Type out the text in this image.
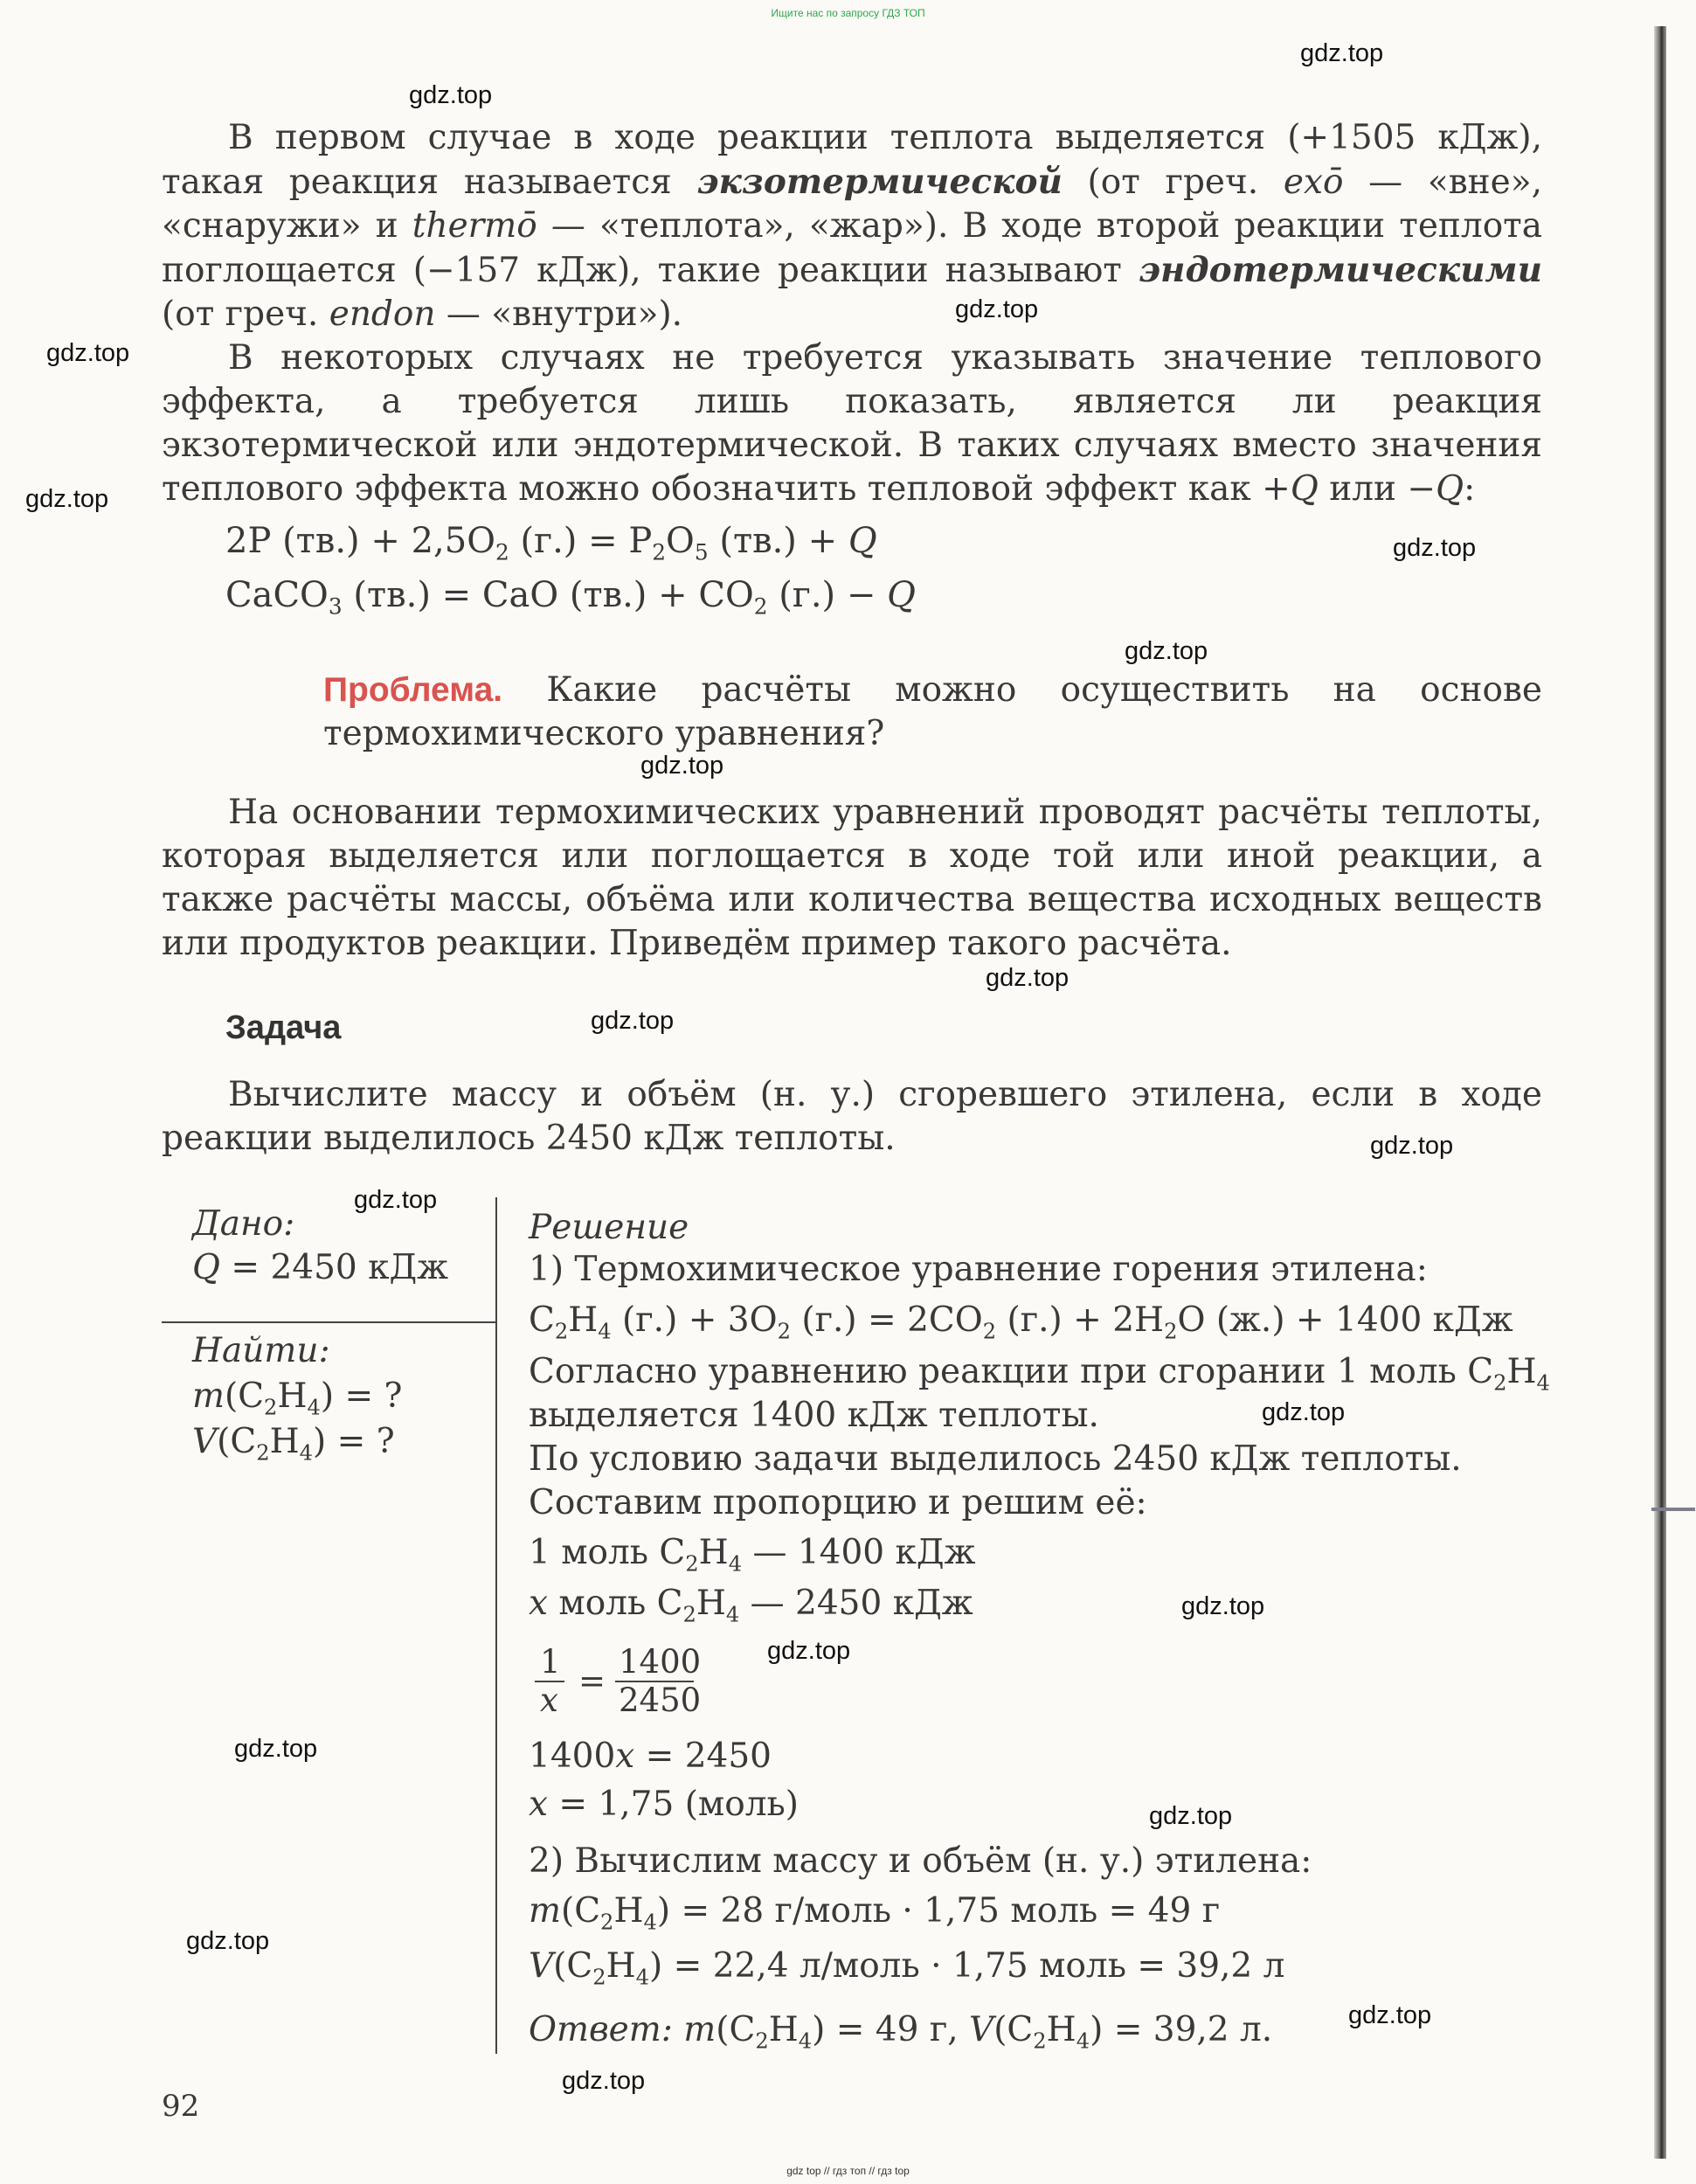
Ищите нас по запросу ГДЗ ТОП
gdz.top
gdz.top
gdz.top
gdz.top
gdz.top
gdz.top
gdz.top
gdz.top
gdz.top
gdz.top
gdz.top
gdz.top
gdz.top
gdz.top
gdz.top
gdz.top
gdz.top
gdz.top
gdz.top
gdz.top

В первом случае в ходе реакции теплота выделяется (+1505 кДж), такая реакция называется экзотермической (от греч. exō — «вне», «снаружи» и thermō — «теплота», «жар»). В ходе второй реакции теплота поглощается (−157 кДж), такие реакции называют эндотермическими (от греч. endon — «внутри»).

В некоторых случаях не требуется указывать значение теплового эффекта, а требуется лишь показать, является ли реакция экзотермической или эндотермической. В таких случаях вместо значения теплового эффекта можно обозначить тепловой эффект как +Q или −Q:

2P $(тв.) + 2,5O_2$ $(г.) = P_2O_5$ (тв.) + Q
CaCO$_3$ (тв.) = CaO $(тв.) + CO_2$ (г.) − Q
Проблема. Какие расчёты можно осуществить на основе термохимического уравнения?

На основании термохимических уравнений проводят расчёты теплоты, которая выделяется или поглощается в ходе той или иной реакции, а также расчёты массы, объёма или количества вещества исходных веществ или продуктов реакции. Приведём пример такого расчёта.

Задача

Вычислите массу и объём (н. у.) сгоревшего этилена, если в ходе реакции выделилось 2450 кДж теплоты.

Дано:
Q = 2450 кДж
Найти:
$m(C_2H_4)$ = ?
$V(C_2H_4)$ = ?
Решение
1) Термохимическое уравнение горения этилена:
$C_2H_4$ $(г.) + 3O_2$ $(г.) = 2CO_2$ $(г.) + 2H_2O$ (ж.) + 1400 кДж
Согласно уравнению реакции при сгорании 1 моль $C_2H_4$
выделяется 1400 кДж теплоты.
По условию задачи выделилось 2450 кДж теплоты.
Составим пропорцию и решим её:
1 моль $C_2H_4$ — 1400 кДж
x моль $C_2H_4$ — 2450 кДж
1
x
=
1400
2450
1400x = 2450
x = 1,75 (моль)
2) Вычислим массу и объём (н. у.) этилена:
$m(C_2H_4) = 28$ г/моль · 1,75 моль = 49 г
$V(C_2H_4) = 22,4$ л/моль · 1,75 моль = 39,2 л
Ответ: $m(C_2H_4) = 49$ г, $V(C_2H_4) = 39,2$ л.
92
gdz top // гдз топ // гдз top
